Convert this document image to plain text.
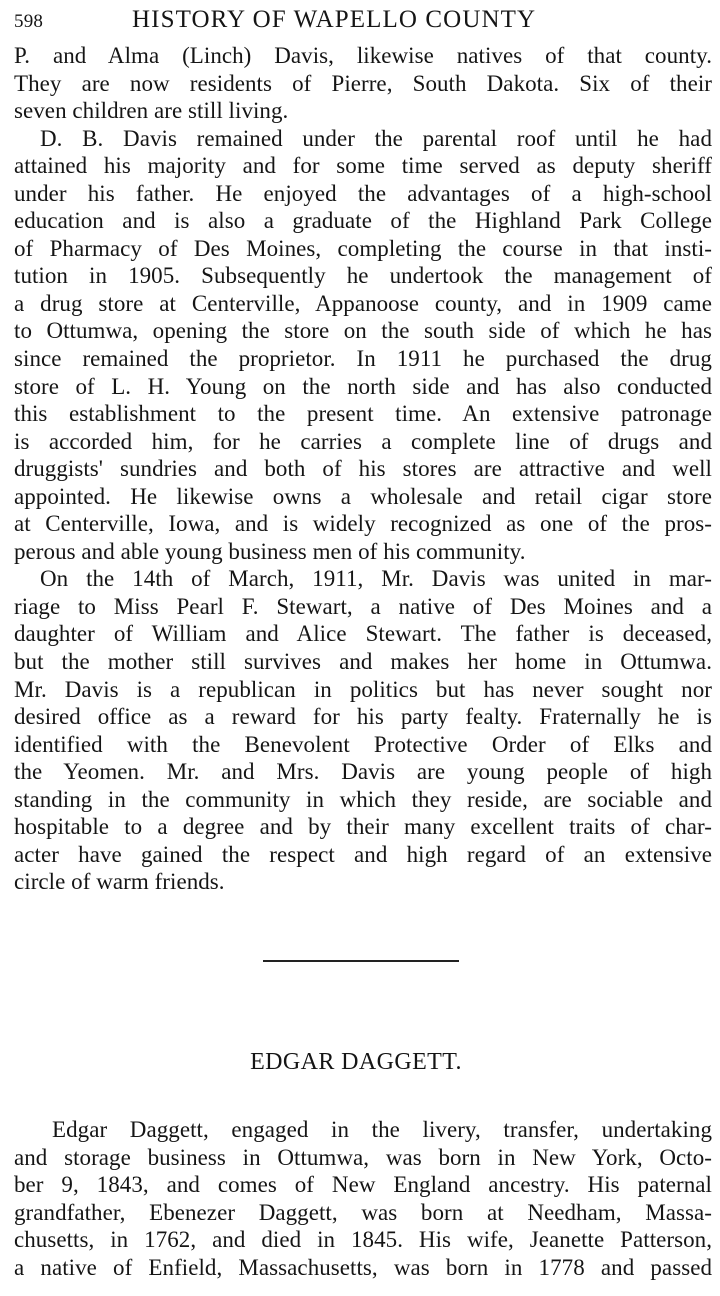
598	HISTORY OF WAPELLO COUNTY
P. and Alma (Linch) Davis, likewise natives of that county.
They are now residents of Pierre, South Dakota. Six of their
seven children are still living.
D. B. Davis remained under the parental roof until he had
attained his majority and for some time served as deputy sheriff
under his father. He enjoyed the advantages of a high-school
education and is also a graduate of the Highland Park College
of Pharmacy of Des Moines, completing the course in that insti-
tution in 1905. Subsequently he undertook the management of
a drug store at Centerville, Appanoose county, and in 1909 came
to Ottumwa, opening the store on the south side of which he has
since remained the proprietor. In 1911 he purchased the drug
store of L. H. Young on the north side and has also conducted
this establishment to the present time. An extensive patronage
is accorded him, for he carries a complete line of drugs and
druggists' sundries and both of his stores are attractive and well
appointed. He likewise owns a wholesale and retail cigar store
at Centerville, Iowa, and is widely recognized as one of the pros-
perous and able young business men of his community.
On the 14th of March, 1911, Mr. Davis was united in mar-
riage to Miss Pearl F. Stewart, a native of Des Moines and a
daughter of William and Alice Stewart. The father is deceased,
but the mother still survives and makes her home in Ottumwa.
Mr. Davis is a republican in politics but has never sought nor
desired office as a reward for his party fealty. Fraternally he is
identified with the Benevolent Protective Order of Elks and
the Yeomen. Mr. and Mrs. Davis are young people of high
standing in the community in which they reside, are sociable and
hospitable to a degree and by their many excellent traits of char-
acter have gained the respect and high regard of an extensive
circle of warm friends.
EDGAR DAGGETT.
Edgar Daggett, engaged in the livery, transfer, undertaking
and storage business in Ottumwa, was born in New York, Octo-
ber 9, 1843, and comes of New England ancestry. His paternal
grandfather, Ebenezer Daggett, was born at Needham, Massa-
chusetts, in 1762, and died in 1845. His wife, Jeanette Patterson,
a native of Enfield, Massachusetts, was born in 1778 and passed
